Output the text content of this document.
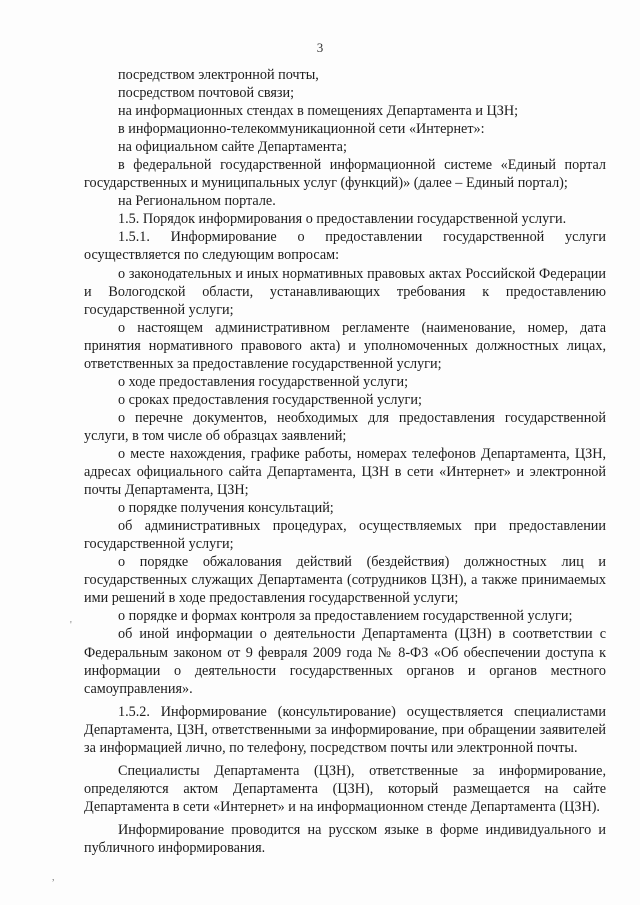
3

посредством электронной почты,

посредством почтовой связи;

на информационных стендах в помещениях Департамента и ЦЗН;

в информационно-телекоммуникационной сети «Интернет»:

на официальном сайте Департамента;

в федеральной государственной информационной системе «Единый портал государственных и муниципальных услуг (функций)» (далее – Единый портал);

на Региональном портале.

1.5. Порядок информирования о предоставлении государственной услуги.

1.5.1. Информирование о предоставлении государственной услуги осуществляется по следующим вопросам:

о законодательных и иных нормативных правовых актах Российской Федерации и Вологодской области, устанавливающих требования к предоставлению государственной услуги;

о настоящем административном регламенте (наименование, номер, дата принятия нормативного правового акта) и уполномоченных должностных лицах, ответственных за предоставление государственной услуги;

о ходе предоставления государственной услуги;

о сроках предоставления государственной услуги;

о перечне документов, необходимых для предоставления государственной услуги, в том числе об образцах заявлений;

о месте нахождения, графике работы, номерах телефонов Департамента, ЦЗН, адресах официального сайта Департамента, ЦЗН в сети «Интернет» и электронной почты Департамента, ЦЗН;

о порядке получения консультаций;

об административных процедурах, осуществляемых при предоставлении государственной услуги;

о порядке обжалования действий (бездействия) должностных лиц и государственных служащих Департамента (сотрудников ЦЗН), а также принимаемых ими решений в ходе предоставления государственной услуги;

о порядке и формах контроля за предоставлением государственной услуги;

об иной информации о деятельности Департамента (ЦЗН) в соответствии с Федеральным законом от 9 февраля 2009 года № 8-ФЗ «Об обеспечении доступа к информации о деятельности государственных органов и органов местного самоуправления».

1.5.2. Информирование (консультирование) осуществляется специалистами Департамента, ЦЗН, ответственными за информирование, при обращении заявителей за информацией лично, по телефону, посредством почты или электронной почты.

Специалисты Департамента (ЦЗН), ответственные за информирование, определяются актом Департамента (ЦЗН), который размещается на сайте Департамента в сети «Интернет» и на информационном стенде Департамента (ЦЗН).

Информирование проводится на русском языке в форме индивидуального и публичного информирования.

'
,
